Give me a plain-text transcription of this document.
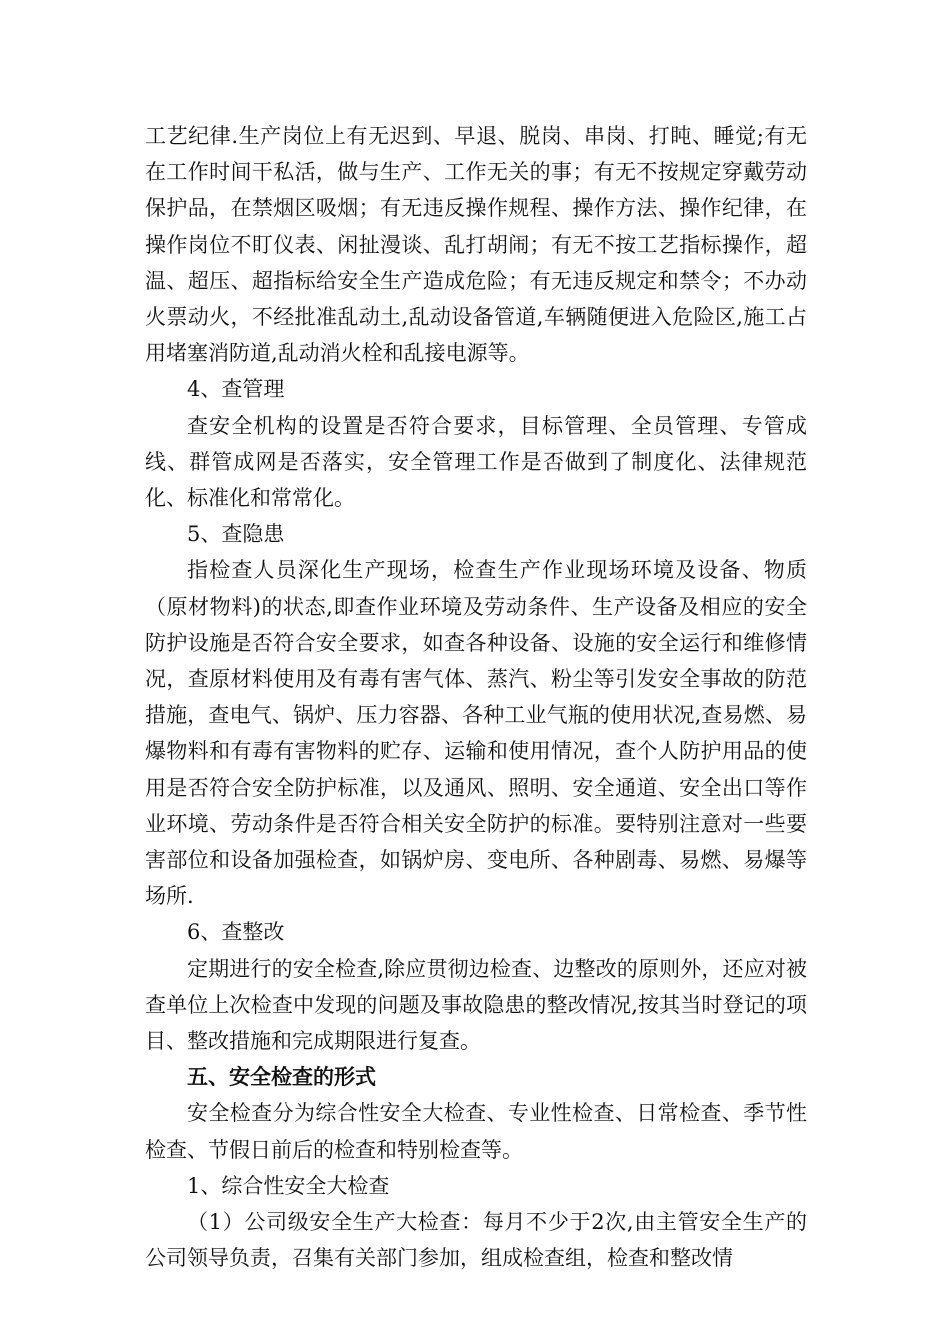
工艺纪律.生产岗位上有无迟到、早退、脱岗、串岗、打盹、睡觉;有无在工作时间干私活，做与生产、工作无关的事；有无不按规定穿戴劳动保护品，在禁烟区吸烟；有无违反操作规程、操作方法、操作纪律，在操作岗位不盯仪表、闲扯漫谈、乱打胡闹；有无不按工艺指标操作，超温、超压、超指标给安全生产造成危险；有无违反规定和禁令；不办动火票动火，不经批准乱动土,乱动设备管道,车辆随便进入危险区,施工占用堵塞消防道,乱动消火栓和乱接电源等。

4、查管理

查安全机构的设置是否符合要求，目标管理、全员管理、专管成线、群管成网是否落实，安全管理工作是否做到了制度化、法律规范化、标准化和常常化。

5、查隐患

指检查人员深化生产现场，检查生产作业现场环境及设备、物质（原材物料)的状态,即查作业环境及劳动条件、生产设备及相应的安全防护设施是否符合安全要求，如查各种设备、设施的安全运行和维修情况，查原材料使用及有毒有害气体、蒸汽、粉尘等引发安全事故的防范措施，查电气、锅炉、压力容器、各种工业气瓶的使用状况,查易燃、易爆物料和有毒有害物料的贮存、运输和使用情况，查个人防护用品的使用是否符合安全防护标准，以及通风、照明、安全通道、安全出口等作业环境、劳动条件是否符合相关安全防护的标准。要特别注意对一些要害部位和设备加强检查，如锅炉房、变电所、各种剧毒、易燃、易爆等场所.

6、查整改

定期进行的安全检查,除应贯彻边检查、边整改的原则外，还应对被查单位上次检查中发现的问题及事故隐患的整改情况,按其当时登记的项目、整改措施和完成期限进行复查。

五、安全检查的形式

安全检查分为综合性安全大检查、专业性检查、日常检查、季节性检查、节假日前后的检查和特别检查等。

1、综合性安全大检查

（1）公司级安全生产大检查：每月不少于2次,由主管安全生产的公司领导负责，召集有关部门参加，组成检查组，检查和整改情
